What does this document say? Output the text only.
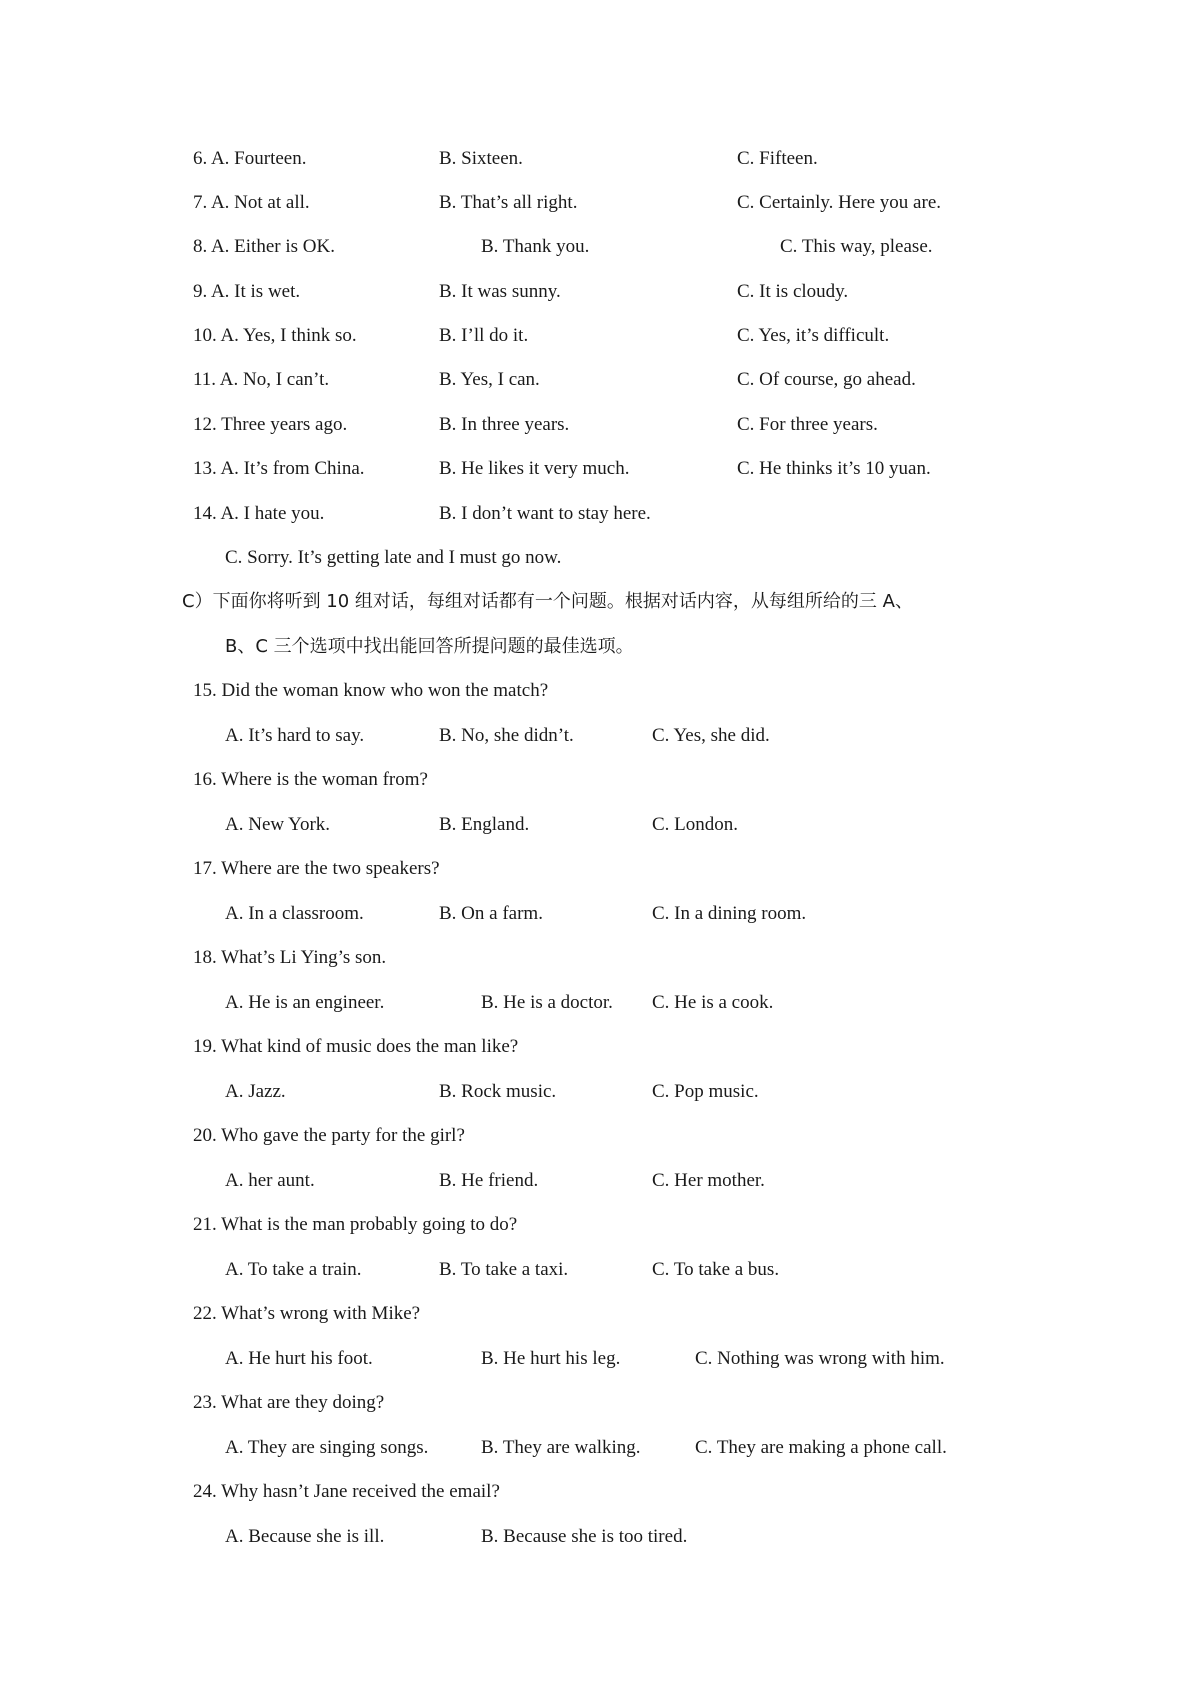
6. A. Fourteen.	B. Sixteen.	C. Fifteen.
7. A. Not at all.	B. That’s all right.	C. Certainly. Here you are.
8. A. Either is OK.	B. Thank you.	C. This way, please.
9. A. It is wet.	B. It was sunny.	C. It is cloudy.
10. A. Yes, I think so.	B. I’ll do it.	C. Yes, it’s difficult.
11. A. No, I can’t.	B. Yes, I can.	C. Of course, go ahead.
12. Three years ago.	B. In three years.	C. For three years.
13. A. It’s from China.	B. He likes it very much.	C. He thinks it’s 10 yuan.
14. A. I hate you.	B. I don’t want to stay here.
C. Sorry. It’s getting late and I must go now.
C）下面你将听到 10 组对话，每组对话都有一个问题。根据对话内容，从每组所给的三 A、
B、C 三个选项中找出能回答所提问题的最佳选项。
15. Did the woman know who won the match?
A. It’s hard to say.	B. No, she didn’t.	C. Yes, she did.
16. Where is the woman from?
A. New York.	B. England.	C. London.
17. Where are the two speakers?
A. In a classroom.	B. On a farm.	C. In a dining room.
18. What’s Li Ying’s son.
A. He is an engineer.	B. He is a doctor. C. He is a cook.
19. What kind of music does the man like?
A. Jazz.	B. Rock music.	C. Pop music.
20. Who gave the party for the girl?
A. her aunt.	B. He friend.	C. Her mother.
21. What is the man probably going to do?
A. To take a train.	B. To take a taxi.	C. To take a bus.
22. What’s wrong with Mike?
A. He hurt his foot.	B. He hurt his leg.	C. Nothing was wrong with him.
23. What are they doing?
A. They are singing songs.	B. They are walking.	C. They are making a phone call.
24. Why hasn’t Jane received the email?
A. Because she is ill.	B. Because she is too tired.
